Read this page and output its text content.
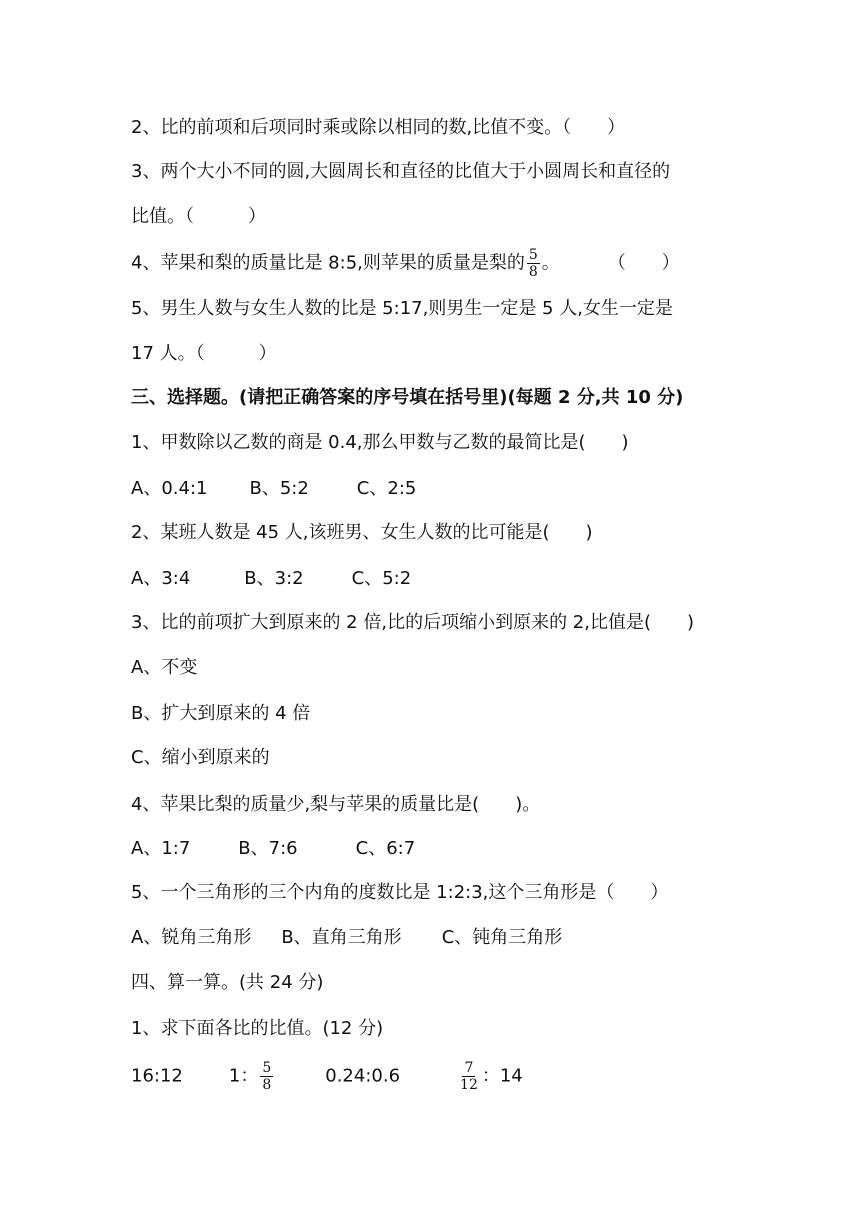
2、比的前项和后项同时乘或除以相同的数,比值不变。（　　）
3、两个大小不同的圆,大圆周长和直径的比值大于小圆周长和直径的
比值。（　　　）
4、苹果和梨的质量比是 8:5,则苹果的质量是梨的 $\frac{5}{8}$ 。	（　　）
5、男生人数与女生人数的比是 5:17,则男生一定是 5 人,女生一定是
17 人。（　　　）
三、选择题。(请把正确答案的序号填在括号里)(每题 2 分,共 10 分)
1、甲数除以乙数的商是 0.4,那么甲数与乙数的最简比是(　　)
A、0.4:1 B、5:2	C、2:5
2、某班人数是 45 人,该班男、女生人数的比可能是(　　)
A、3:4	B、3:2	C、5:2
3、比的前项扩大到原来的 2 倍,比的后项缩小到原来的 2,比值是(　　)
A、不变
B、扩大到原来的 4 倍
C、缩小到原来的
4、苹果比梨的质量少,梨与苹果的质量比是(　　)。
A、1:7	B、7:6	C、6:7
5、一个三角形的三个内角的度数比是 1:2:3,这个三角形是（　　）
A、锐角三角形 B、直角三角形 C、钝角三角形
四、算一算。(共 24 分)
1、求下面各比的比值。(12 分)
16:12	1： $\frac{5}{8}$	0.24:0.6	$\frac{7}{12}$ ：14
